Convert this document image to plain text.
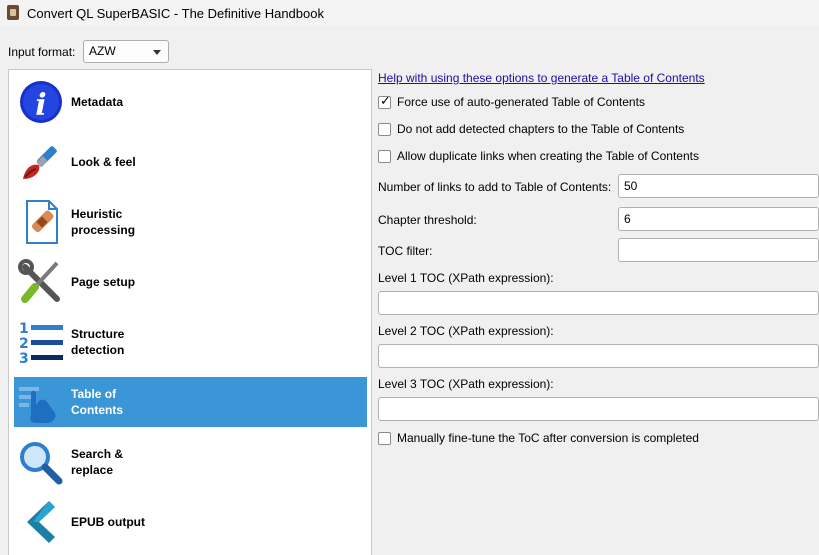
Convert QL SuperBASIC - The Definitive Handbook
Input format:	AZW
i Metadata
Look & feel
Heuristic processing
Page setup
1
2
3
Structure detection
Table of Contents
Search & replace
EPUB output
Help with using these options to generate a Table of Contents
✓
Force use of auto-generated Table of Contents
Do not add detected chapters to the Table of Contents
Allow duplicate links when creating the Table of Contents
Number of links to add to Table of Contents:	50
Chapter threshold:	6
TOC filter:
Level 1 TOC (XPath expression):
Level 2 TOC (XPath expression):
Level 3 TOC (XPath expression):
Manually fine-tune the ToC after conversion is completed
